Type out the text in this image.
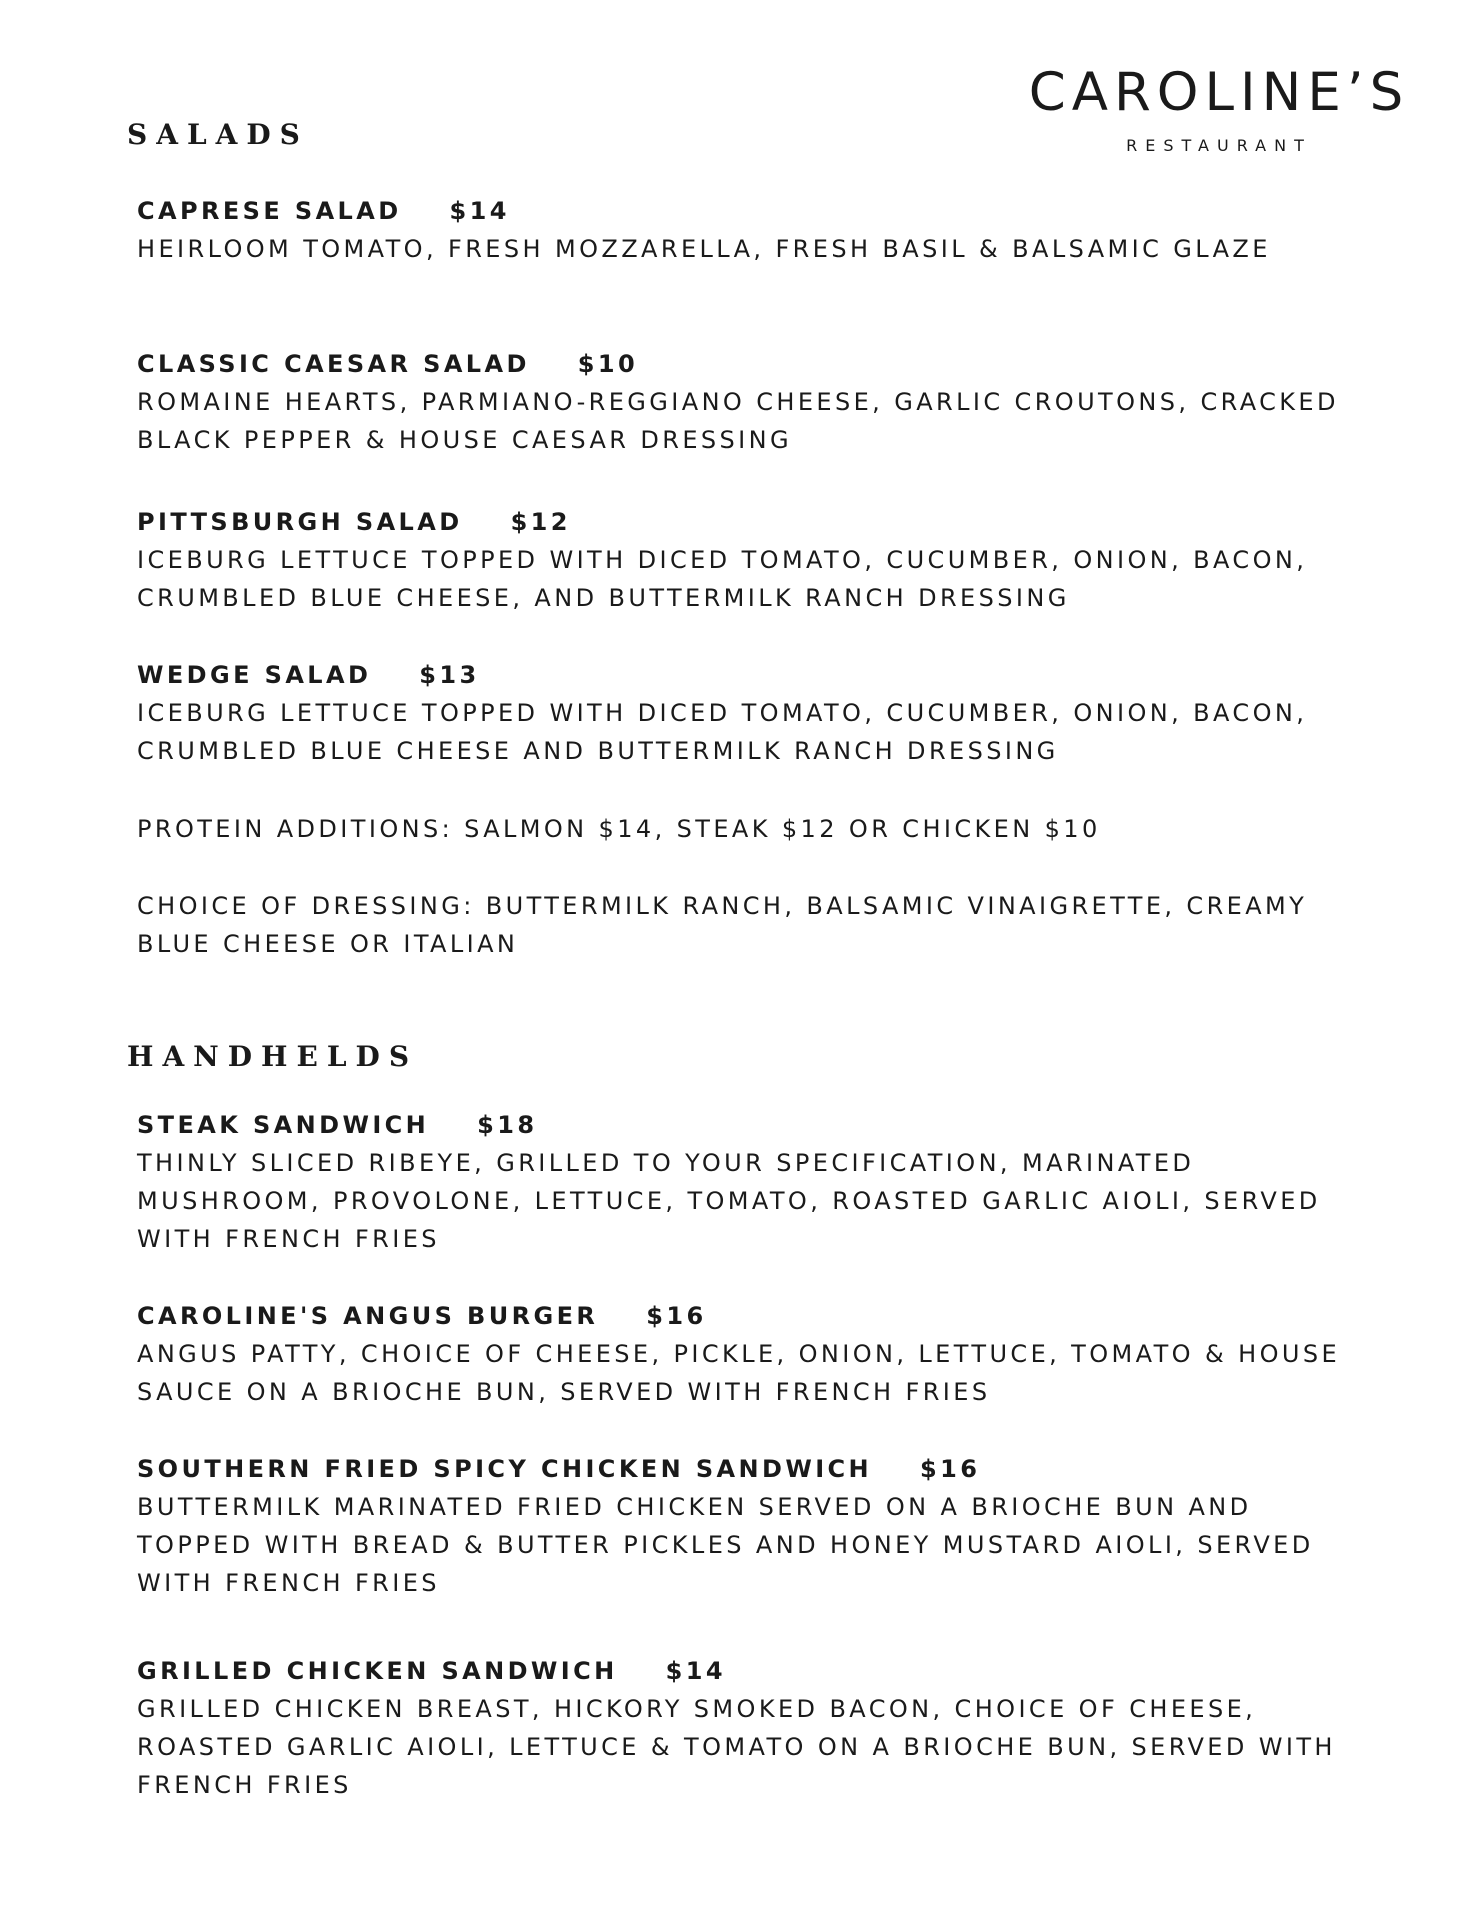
CAROLINE’S
RESTAURANT
SALADS
CAPRESE SALAD $14
HEIRLOOM TOMATO, FRESH MOZZARELLA, FRESH BASIL & BALSAMIC GLAZE
CLASSIC CAESAR SALAD $10
ROMAINE HEARTS, PARMIANO-REGGIANO CHEESE, GARLIC CROUTONS, CRACKED BLACK PEPPER & HOUSE CAESAR DRESSING
PITTSBURGH SALAD $12
ICEBURG LETTUCE TOPPED WITH DICED TOMATO, CUCUMBER, ONION, BACON, CRUMBLED BLUE CHEESE, AND BUTTERMILK RANCH DRESSING
WEDGE SALAD $13
ICEBURG LETTUCE TOPPED WITH DICED TOMATO, CUCUMBER, ONION, BACON, CRUMBLED BLUE CHEESE AND BUTTERMILK RANCH DRESSING
PROTEIN ADDITIONS: SALMON $14, STEAK $12 OR CHICKEN $10
CHOICE OF DRESSING: BUTTERMILK RANCH, BALSAMIC VINAIGRETTE, CREAMY BLUE CHEESE OR ITALIAN
HANDHELDS
STEAK SANDWICH $18
THINLY SLICED RIBEYE, GRILLED TO YOUR SPECIFICATION, MARINATED MUSHROOM, PROVOLONE, LETTUCE, TOMATO, ROASTED GARLIC AIOLI, SERVED WITH FRENCH FRIES
CAROLINE'S ANGUS BURGER $16
ANGUS PATTY, CHOICE OF CHEESE, PICKLE, ONION, LETTUCE, TOMATO & HOUSE SAUCE ON A BRIOCHE BUN, SERVED WITH FRENCH FRIES
SOUTHERN FRIED SPICY CHICKEN SANDWICH $16
BUTTERMILK MARINATED FRIED CHICKEN SERVED ON A BRIOCHE BUN AND TOPPED WITH BREAD & BUTTER PICKLES AND HONEY MUSTARD AIOLI, SERVED WITH FRENCH FRIES
GRILLED CHICKEN SANDWICH $14
GRILLED CHICKEN BREAST, HICKORY SMOKED BACON, CHOICE OF CHEESE, ROASTED GARLIC AIOLI, LETTUCE & TOMATO ON A BRIOCHE BUN, SERVED WITH FRENCH FRIES
